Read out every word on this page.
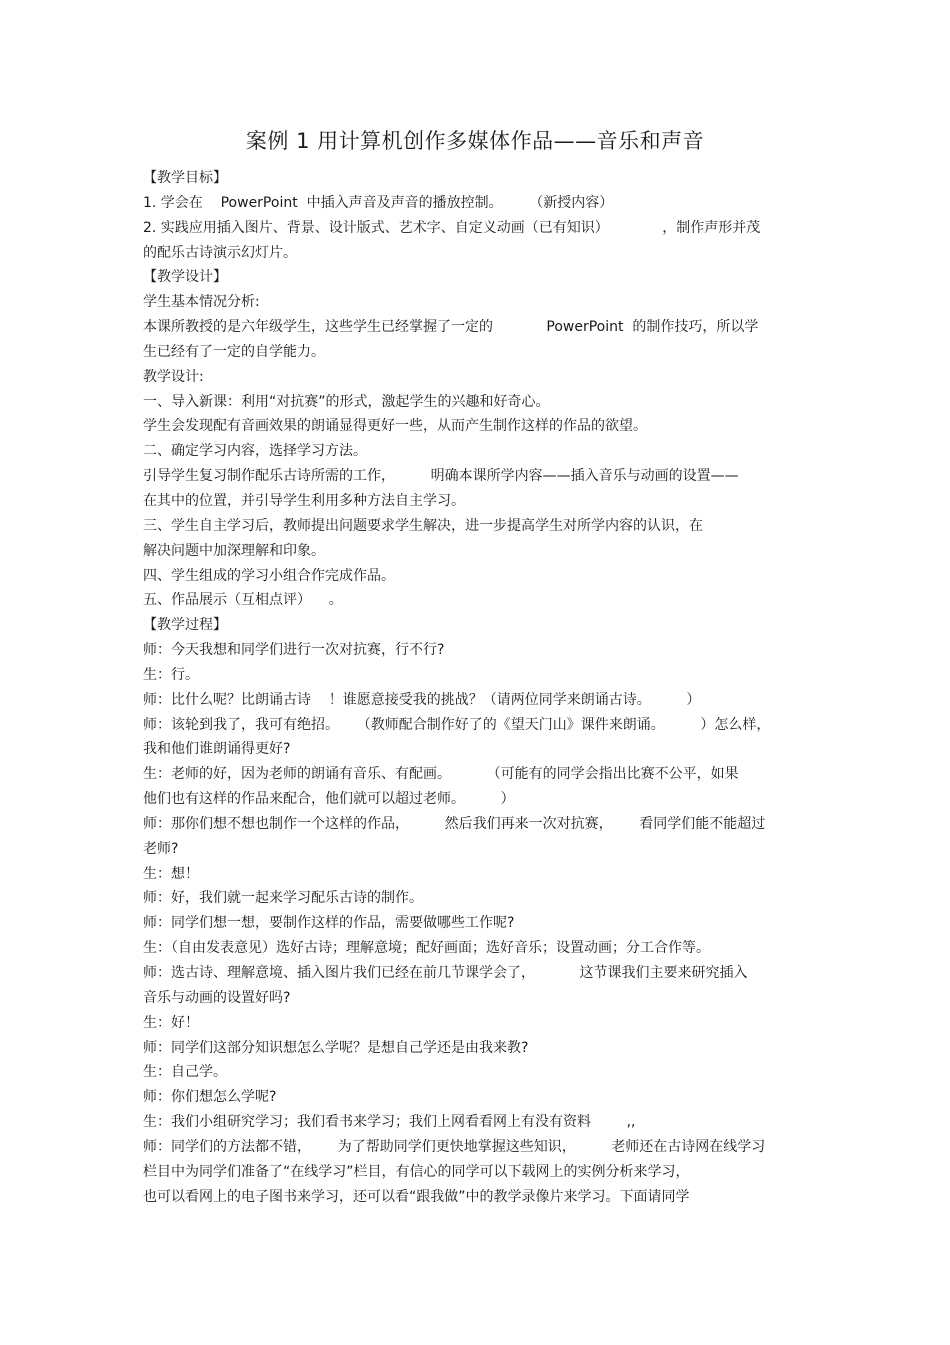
案例 1 用计算机创作多媒体作品——音乐和声音
【教学目标】
1. 学会在    PowerPoint  中插入声音及声音的播放控制。      （新授内容）
2. 实践应用插入图片、背景、设计版式、艺术字、自定义动画（已有知识）            ，制作声形并茂
的配乐古诗演示幻灯片。
【教学设计】
学生基本情况分析:
本课所教授的是六年级学生，这些学生已经掌握了一定的            PowerPoint  的制作技巧，所以学
生已经有了一定的自学能力。
教学设计:
一、导入新课：利用“对抗赛”的形式，激起学生的兴趣和好奇心。
学生会发现配有音画效果的朗诵显得更好一些，从而产生制作这样的作品的欲望。
二、确定学习内容，选择学习方法。
引导学生复习制作配乐古诗所需的工作，        明确本课所学内容——插入音乐与动画的设置——
在其中的位置，并引导学生利用多种方法自主学习。
三、学生自主学习后，教师提出问题要求学生解决，进一步提高学生对所学内容的认识，在
解决问题中加深理解和印象。
四、学生组成的学习小组合作完成作品。
五、作品展示（互相点评）    。
【教学过程】
师：今天我想和同学们进行一次对抗赛，行不行?
生：行。
师：比什么呢？比朗诵古诗    ！谁愿意接受我的挑战？（请两位同学来朗诵古诗。        ）
师：该轮到我了，我可有绝招。    （教师配合制作好了的《望天门山》课件来朗诵。        ）怎么样，
我和他们谁朗诵得更好?
生：老师的好，因为老师的朗诵有音乐、有配画。        （可能有的同学会指出比赛不公平，如果
他们也有这样的作品来配合，他们就可以超过老师。        ）
师：那你们想不想也制作一个这样的作品，        然后我们再来一次对抗赛，      看同学们能不能超过
老师?
生：想！
师：好，我们就一起来学习配乐古诗的制作。
师：同学们想一想，要制作这样的作品，需要做哪些工作呢?
生：（自由发表意见）选好古诗；理解意境；配好画面；选好音乐；设置动画；分工合作等。
师：选古诗、理解意境、插入图片我们已经在前几节课学会了，          这节课我们主要来研究插入
音乐与动画的设置好吗?
生：好！
师：同学们这部分知识想怎么学呢？是想自己学还是由我来教?
生：自己学。
师：你们想怎么学呢?
生：我们小组研究学习；我们看书来学习；我们上网看看网上有没有资料        ,,
师：同学们的方法都不错，      为了帮助同学们更快地掌握这些知识，        老师还在古诗网在线学习
栏目中为同学们准备了“在线学习”栏目，有信心的同学可以下载网上的实例分析来学习，
也可以看网上的电子图书来学习，还可以看“跟我做”中的教学录像片来学习。下面请同学
